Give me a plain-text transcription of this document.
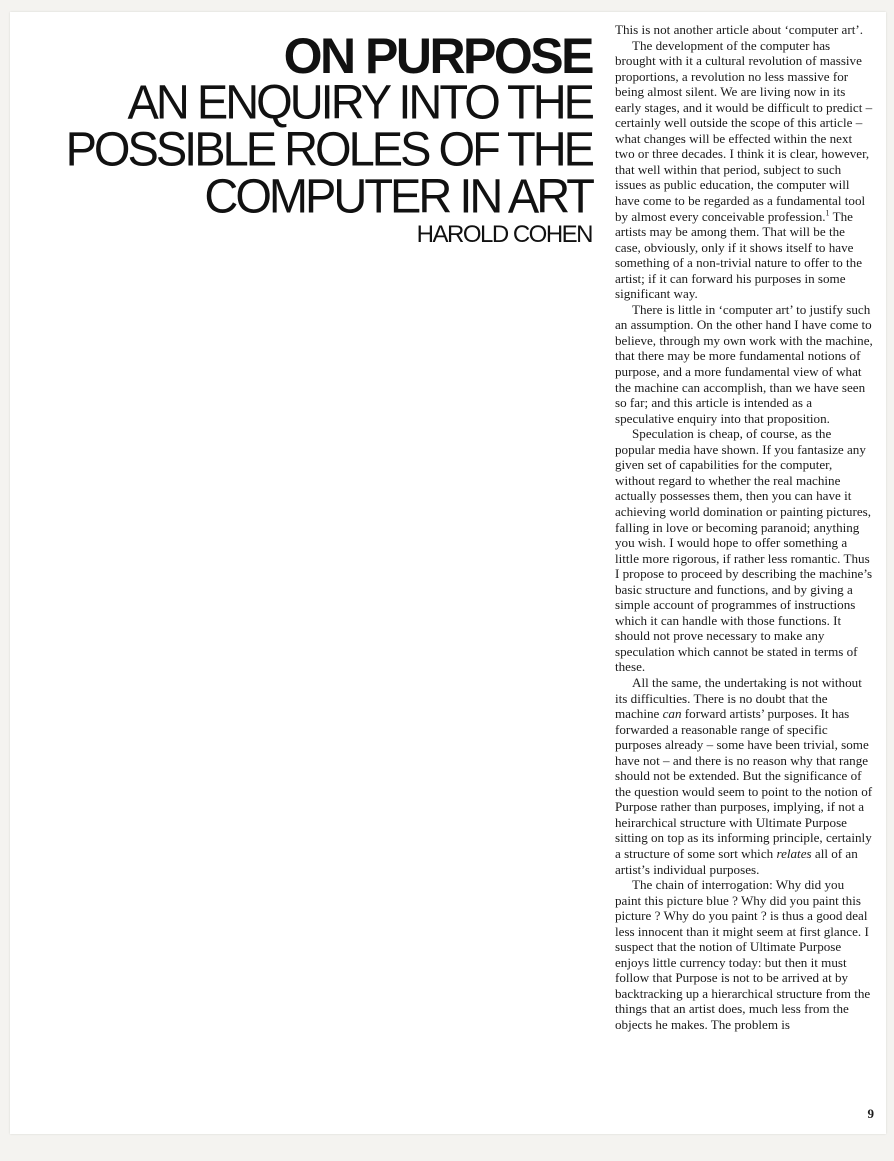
ON PURPOSE
AN ENQUIRY INTO THE
POSSIBLE ROLES OF THE
COMPUTER IN ART
HAROLD COHEN

This is not another article about ‘computer art’.

The development of the computer has brought with it a cultural revolution of massive proportions, a revolution no less massive for being almost silent. We are living now in its early stages, and it would be difficult to predict – certainly well outside the scope of this article – what changes will be effected within the next two or three decades. I think it is clear, however, that well within that period, subject to such issues as public education, the computer will have come to be regarded as a fundamental tool by almost every conceivable profession.$^1$ The artists may be among them. That will be the case, obviously, only if it shows itself to have something of a non-trivial nature to offer to the artist; if it can forward his purposes in some significant way.

There is little in ‘computer art’ to justify such an assumption. On the other hand I have come to believe, through my own work with the machine, that there may be more fundamental notions of purpose, and a more fundamental view of what the machine can accomplish, than we have seen so far; and this article is intended as a speculative enquiry into that proposition.

Speculation is cheap, of course, as the popular media have shown. If you fantasize any given set of capabilities for the computer, without regard to whether the real machine actually possesses them, then you can have it achieving world domination or painting pictures, falling in love or becoming paranoid; anything you wish. I would hope to offer something a little more rigorous, if rather less romantic. Thus I propose to proceed by describing the machine’s basic structure and functions, and by giving a simple account of programmes of instructions which it can handle with those functions. It should not prove necessary to make any speculation which cannot be stated in terms of these.

All the same, the undertaking is not without its difficulties. There is no doubt that the machine can forward artists’ purposes. It has forwarded a reasonable range of specific purposes already – some have been trivial, some have not – and there is no reason why that range should not be extended. But the significance of the question would seem to point to the notion of Purpose rather than purposes, implying, if not a heirarchical structure with Ultimate Purpose sitting on top as its informing principle, certainly a structure of some sort which relates all of an artist’s individual purposes.

The chain of interrogation: Why did you paint this picture blue ? Why did you paint this picture ? Why do you paint ? is thus a good deal less innocent than it might seem at first glance. I suspect that the notion of Ultimate Purpose enjoys little currency today: but then it must follow that Purpose is not to be arrived at by backtracking up a hierarchical structure from the things that an artist does, much less from the objects he makes. The problem is

9
